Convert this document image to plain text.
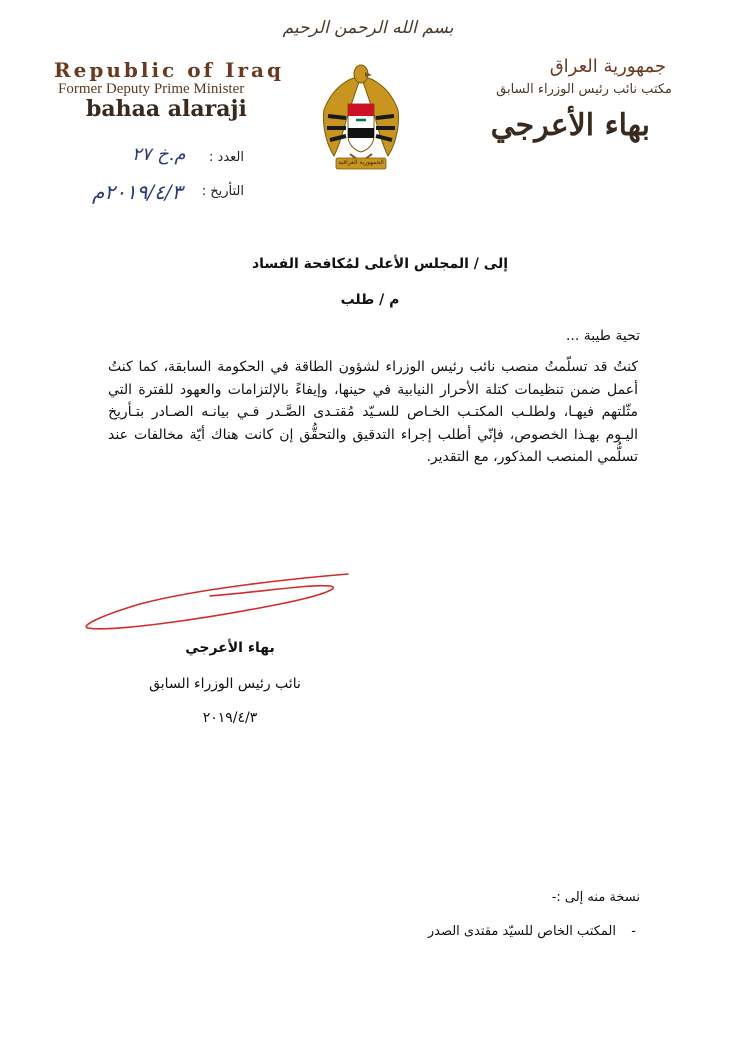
بسم الله الرحمن الرحيم
Republic of Iraq
Former Deputy Prime Minister
bahaa alaraji
جمهورية العراق
مكتب نائب رئيس الوزراء السابق
بهاء الأعرجي
الجمهورية العراقية
العدد :
م.خ ٢٧
التأريخ :
٢٠١٩/٤/٣م
إلى / المجلس الأعلى لمُكافحة الفساد
م / طلب
تحية طيبة ...
كنتُ قد تسلّمتُ منصب نائب رئيس الوزراء لشؤون الطاقة في الحكومة السابقة، كما كنتُ أعمل ضمن تنظيمات كتلة الأحرار النيابية في حينها، وإيفاءً بالإلتزامات والعهود للفترة التي مثّلتهم فيهـا، ولطلـب المكتـب الخـاص للسـيّد مُقتـدى الصَّـدر فـي بيانـه الصـادر بتـأريخ اليـوم بهـذا الخصوص، فإنّي أطلب إجراء التدقيق والتحقُّق إن كانت هناك أيّة مخالفات عند تسلُّمي المنصب المذكور، مع التقدير.
بهاء الأعرجي
نائب رئيس الوزراء السابق
٢٠١٩/٤/٣
نسخة منه إلى :-
-
المكتب الخاص للسيّد مقتدى الصدر
